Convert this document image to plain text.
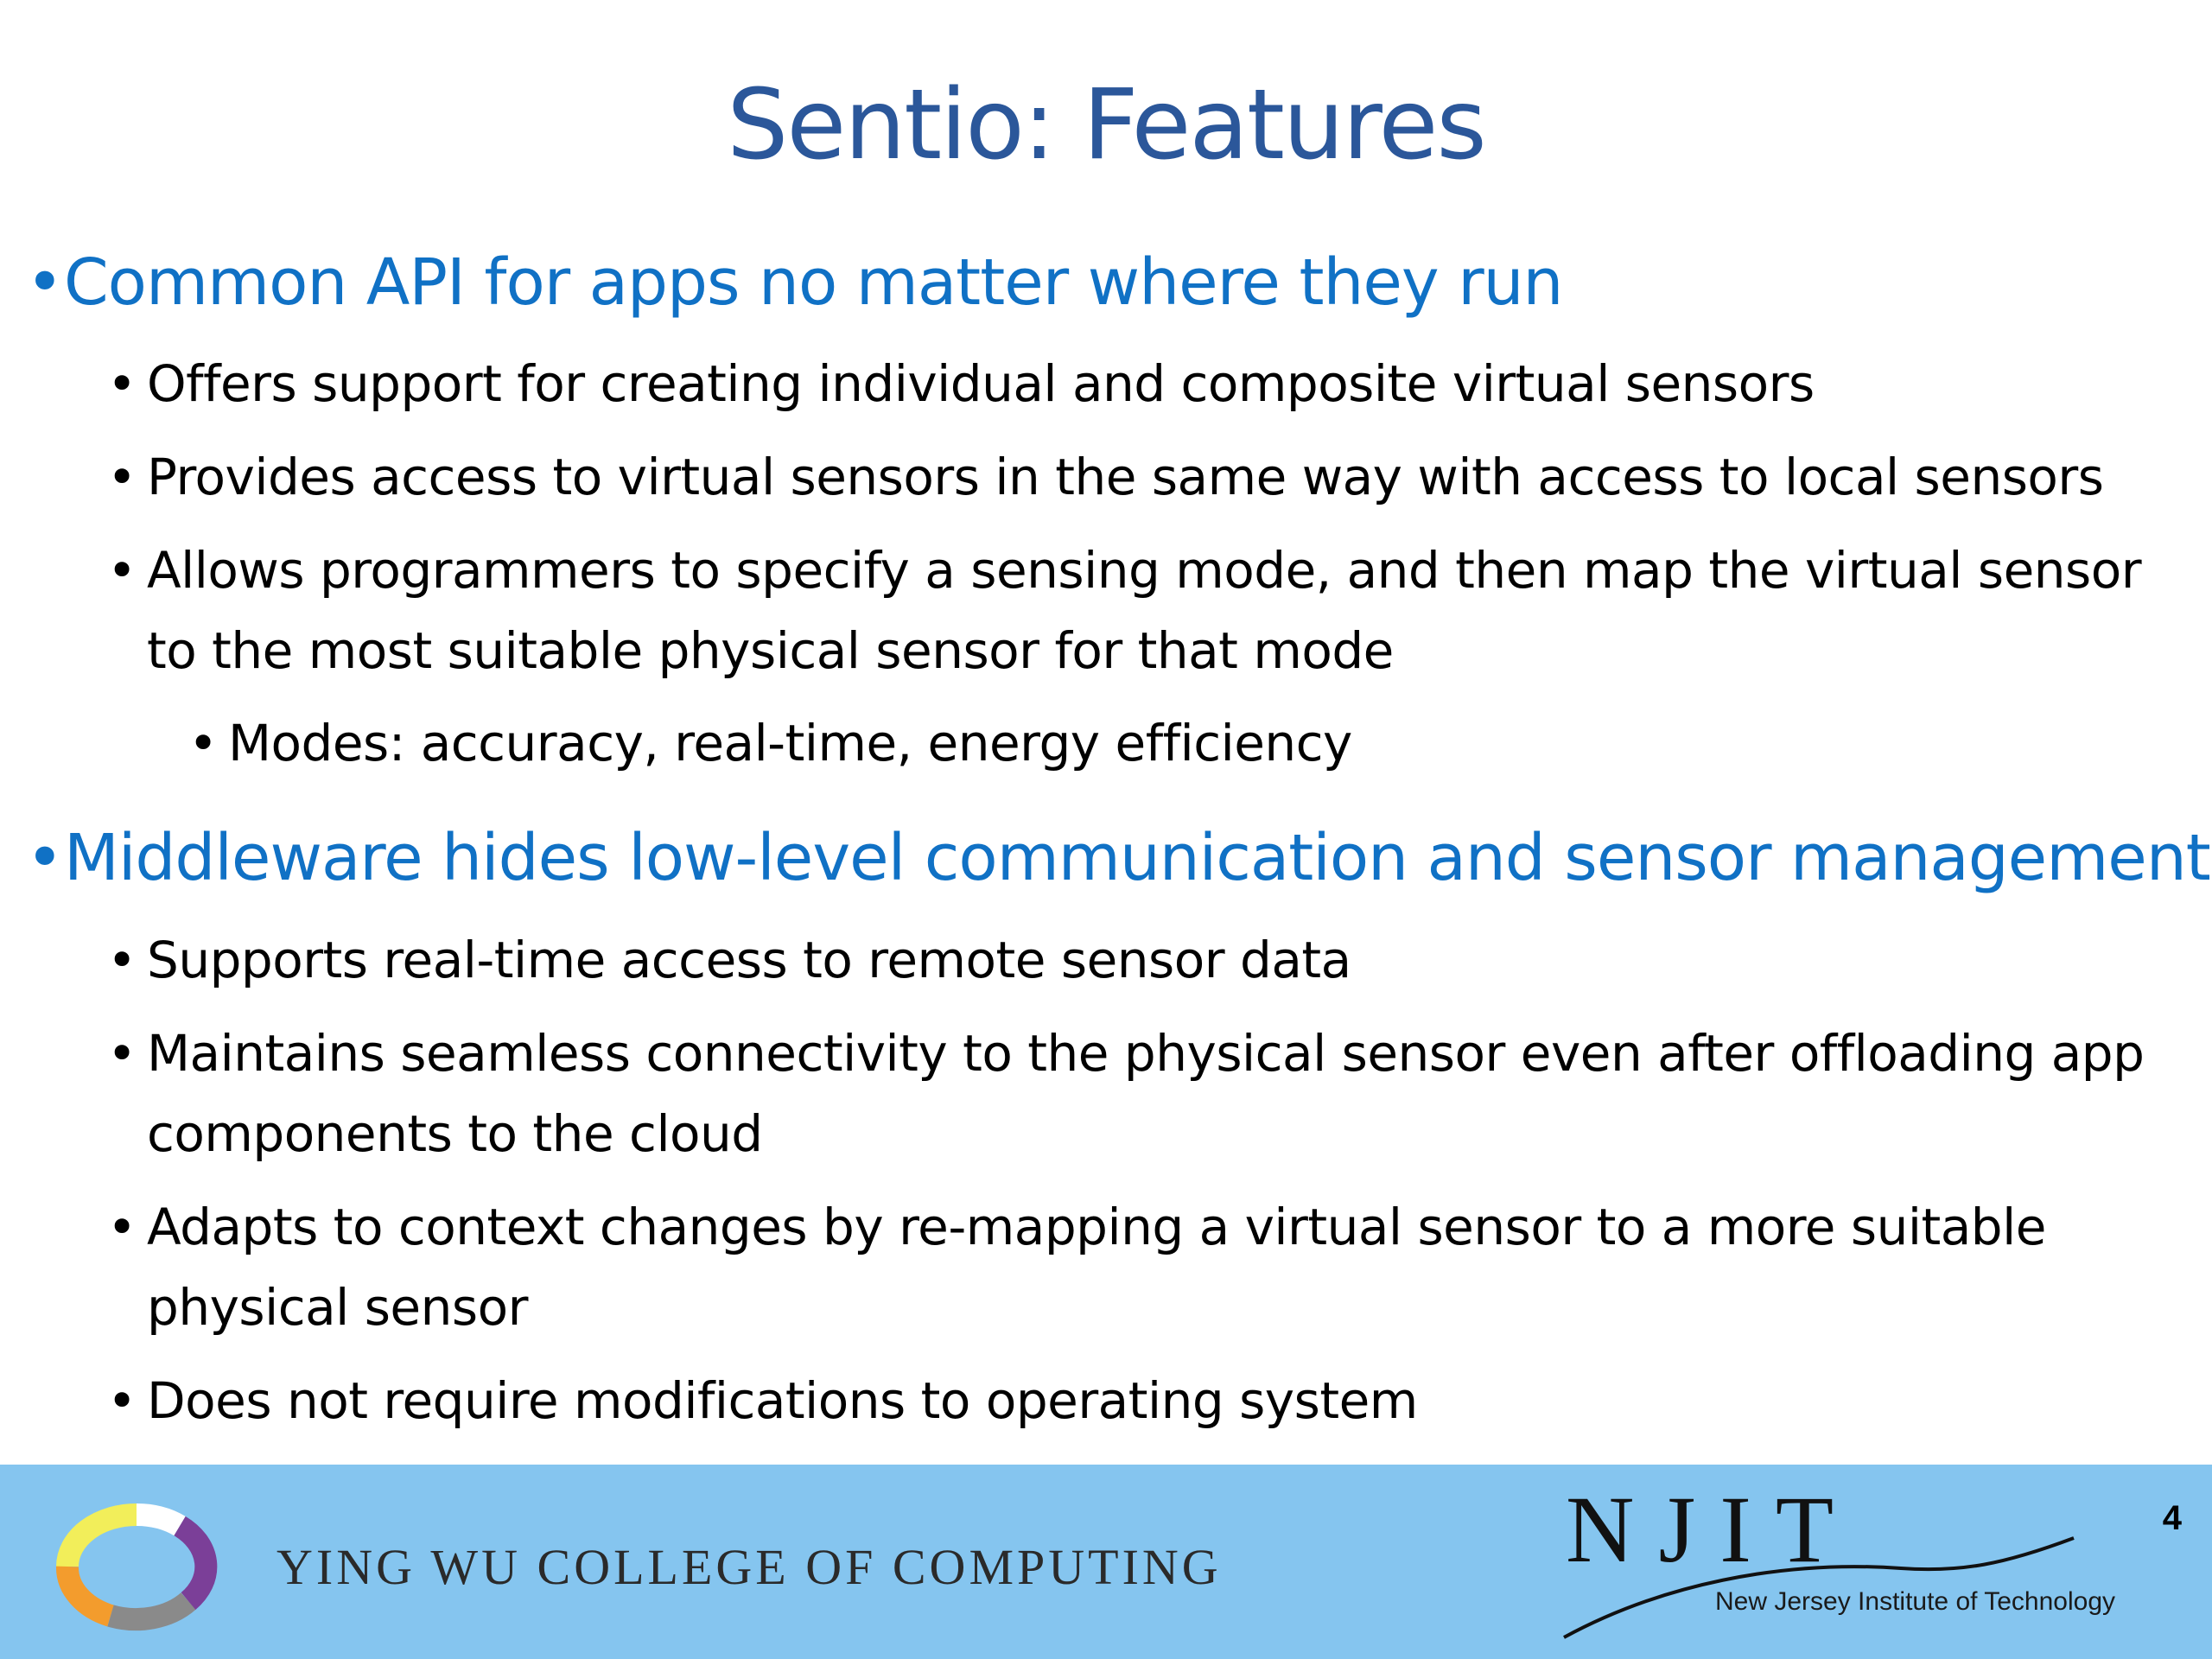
Sentio: Features
•Common API for apps no matter where they run
• Offers support for creating individual and composite virtual sensors
• Provides access to virtual sensors in the same way with access to local sensors
• Allows programmers to specify a sensing mode, and then map the virtual sensor
to the most suitable physical sensor for that mode
• Modes: accuracy, real-time, energy efficiency
•Middleware hides low-level communication and sensor management
• Supports real-time access to remote sensor data
• Maintains seamless connectivity to the physical sensor even after offloading app
components to the cloud
• Adapts to context changes by re-mapping a virtual sensor to a more suitable
physical sensor
• Does not require modifications to operating system
YING WU COLLEGE OF COMPUTING	NJIT
New Jersey Institute of Technology
4
